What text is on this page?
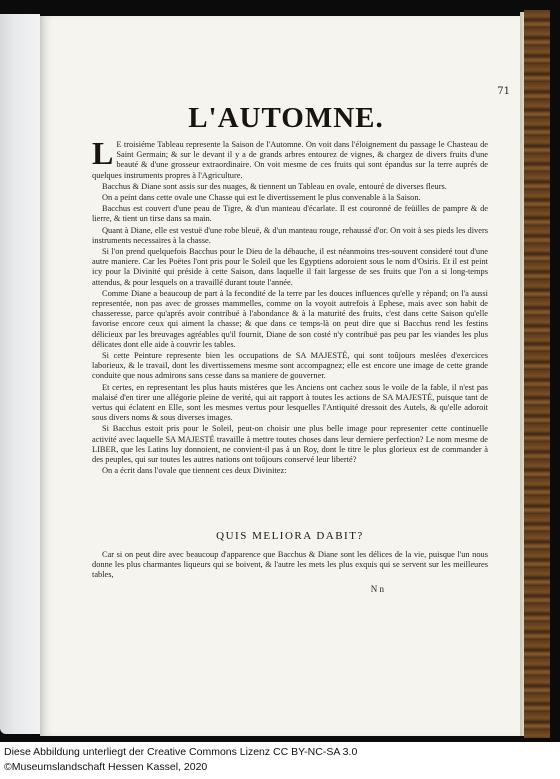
71
L'AUTOMNE.

L E troisiéme Tableau represente la Saison de l'Automne. On voit dans l'éloignement du passage le Chasteau de Saint Germain; & sur le devant il y a de grands arbres entourez de vignes, & chargez de divers fruits d'une beauté & d'une grosseur extraordinaire. On voit mesme de ces fruits qui sont épandus sur la terre auprés de quelques instruments propres à l'Agriculture.

Bacchus & Diane sont assis sur des nuages, & tiennent un Tableau en ovale, entouré de diverses fleurs.

On a peint dans cette ovale une Chasse qui est le divertissement le plus convenable à la Saison.

Bacchus est couvert d'une peau de Tigre, & d'un manteau d'écarlate. Il est couronné de feüilles de pampre & de lierre, & tient un tirse dans sa main.

Quant à Diane, elle est vestuë d'une robe bleuë, & d'un manteau rouge, rehaussé d'or. On voit à ses pieds les divers instruments necessaires à la chasse.

Si l'on prend quelquefois Bacchus pour le Dieu de la débauche, il est néanmoins tres-souvent consideré tout d'une autre maniere. Car les Poëtes l'ont pris pour le Soleil que les Egyptiens adoroient sous le nom d'Osiris. Et il est peint icy pour la Divinité qui préside à cette Saison, dans laquelle il fait largesse de ses fruits que l'on a si long-temps attendus, & pour lesquels on a travaillé durant toute l'année.

Comme Diane a beaucoup de part à la fecondité de la terre par les douces influences qu'elle y répand; on l'a aussi representée, non pas avec de grosses mammelles, comme on la voyoit autrefois à Ephese, mais avec son habit de chasseresse, parce qu'aprés avoir contribué à l'abondance & à la maturité des fruits, c'est dans cette Saison qu'elle favorise encore ceux qui aiment la chasse; & que dans ce temps-là on peut dire que si Bacchus rend les festins délicieux par les breuvages agréables qu'il fournit, Diane de son costé n'y contribuë pas peu par les viandes les plus délicates dont elle aide à couvrir les tables.

Si cette Peinture represente bien les occupations de SA MAJESTÉ, qui sont toûjours meslées d'exercices laborieux, & le travail, dont les divertissemens mesme sont accompagnez; elle est encore une image de cette grande conduite que nous admirons sans cesse dans sa maniere de gouverner.

Et certes, en representant les plus hauts mistéres que les Anciens ont cachez sous le voile de la fable, il n'est pas malaisé d'en tirer une allégorie pleine de verité, qui ait rapport à toutes les actions de SA MAJESTÉ, puisque tant de vertus qui éclatent en Elle, sont les mesmes vertus pour lesquelles l'Antiquité dressoit des Autels, & qu'elle adoroit sous divers noms & sous diverses images.

Si Bacchus estoit pris pour le Soleil, peut-on choisir une plus belle image pour representer cette continuelle activité avec laquelle SA MAJESTÉ travaille à mettre toutes choses dans leur derniere perfection? Le nom mesme de LIBER, que les Latins luy donnoient, ne convient-il pas à un Roy, dont le titre le plus glorieux est de commander à des peuples, qui sur toutes les autres nations ont toûjours conservé leur liberté?

On a écrit dans l'ovale que tiennent ces deux Divinitez:

QUIS MELIORA DABIT?

Car si on peut dire avec beaucoup d'apparence que Bacchus & Diane sont les délices de la vie, puisque l'un nous donne les plus charmantes liqueurs qui se boivent, & l'autre les mets les plus exquis qui se servent sur les meilleures tables,

N n
Diese Abbildung unterliegt der Creative Commons Lizenz CC BY-NC-SA 3.0
©Museumslandschaft Hessen Kassel, 2020
